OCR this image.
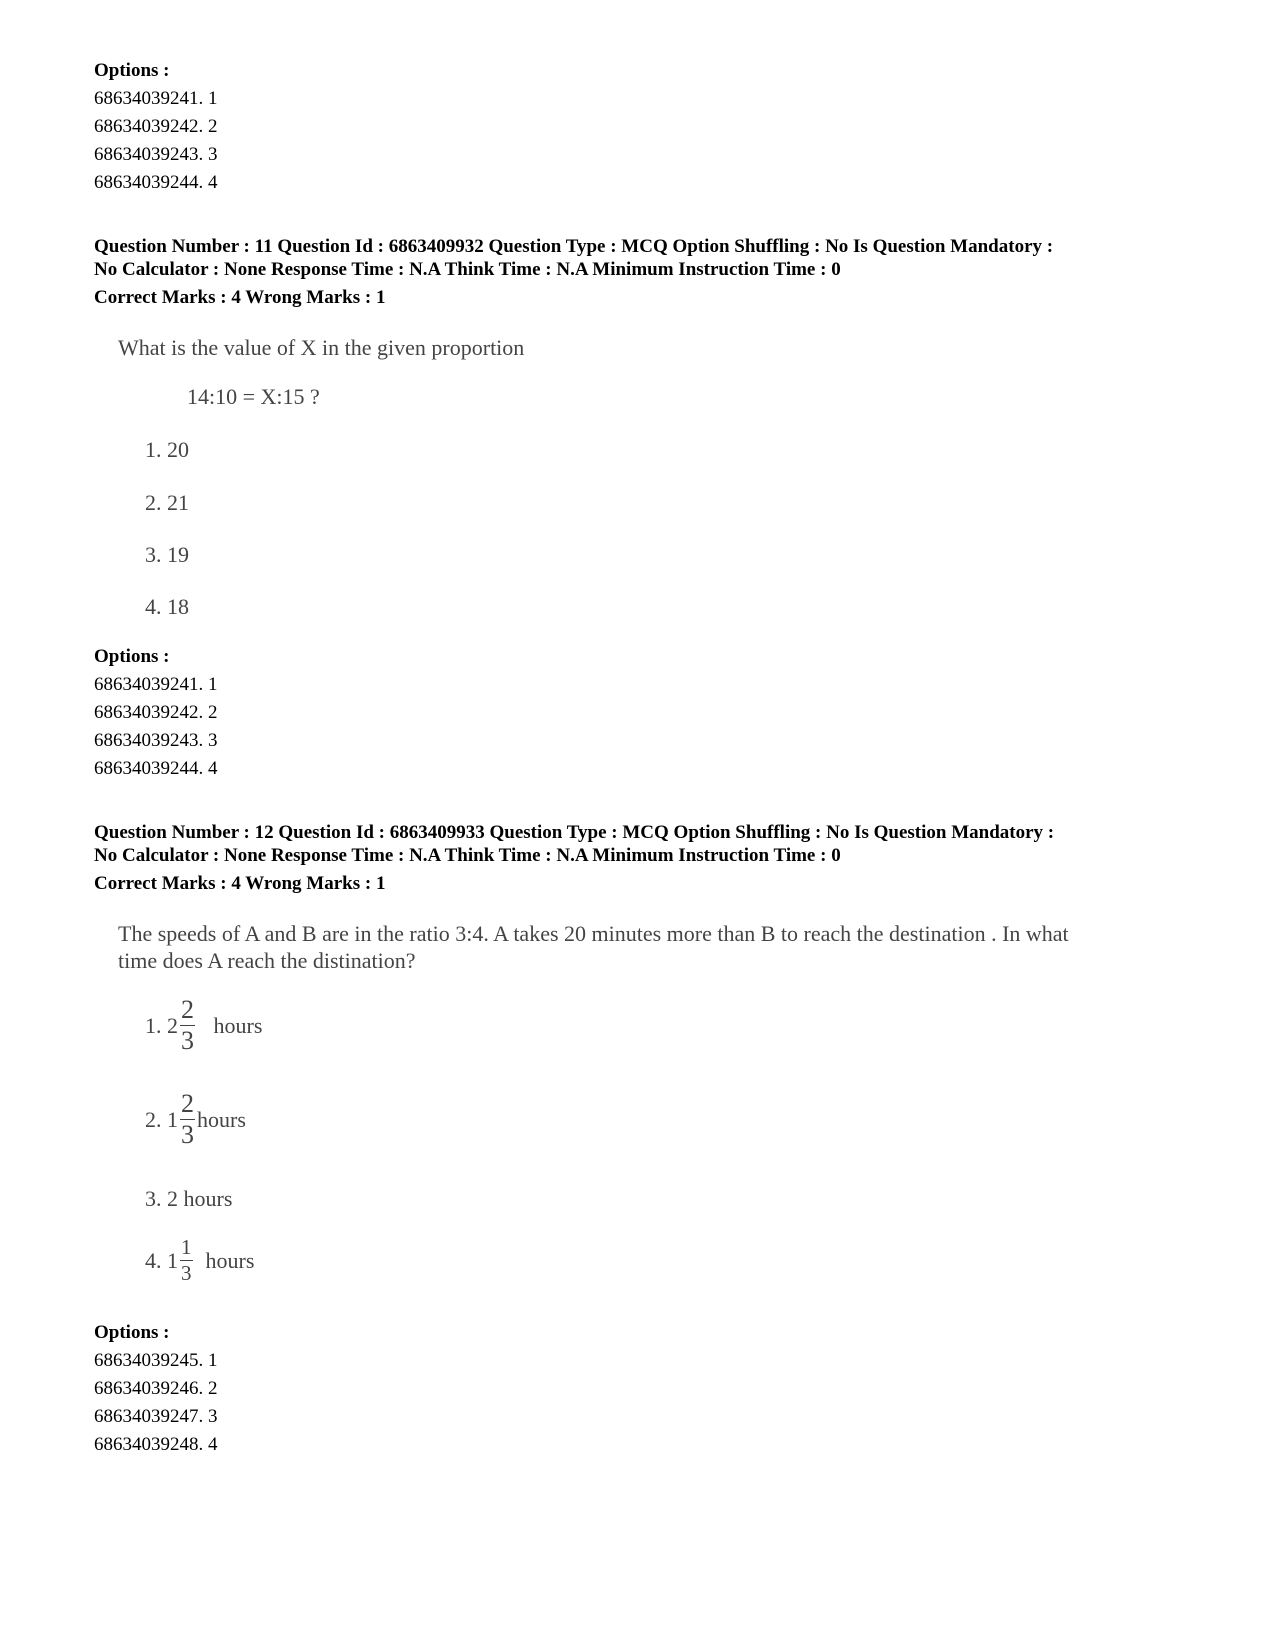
Options :
68634039241. 1
68634039242. 2
68634039243. 3
68634039244. 4
Question Number : 11 Question Id : 6863409932 Question Type : MCQ Option Shuffling : No Is Question Mandatory :
No Calculator : None Response Time : N.A Think Time : N.A Minimum Instruction Time : 0
Correct Marks : 4 Wrong Marks : 1
What is the value of X in the given proportion
14:10 = X:15 ?
1. 20
2. 21
3. 19
4. 18
Options :
68634039241. 1
68634039242. 2
68634039243. 3
68634039244. 4
Question Number : 12 Question Id : 6863409933 Question Type : MCQ Option Shuffling : No Is Question Mandatory :
No Calculator : None Response Time : N.A Think Time : N.A Minimum Instruction Time : 0
Correct Marks : 4 Wrong Marks : 1
The speeds of A and B are in the ratio 3:4. A takes 20 minutes more than B to reach the destination . In what
time does A reach the distination?
1.
$2 \frac{2}{3}$
hours
2.
$1 \frac{2}{3}$ hours
3. 2 hours
4.
$1 \frac{1}{3}$
hours
Options :
68634039245. 1
68634039246. 2
68634039247. 3
68634039248. 4
